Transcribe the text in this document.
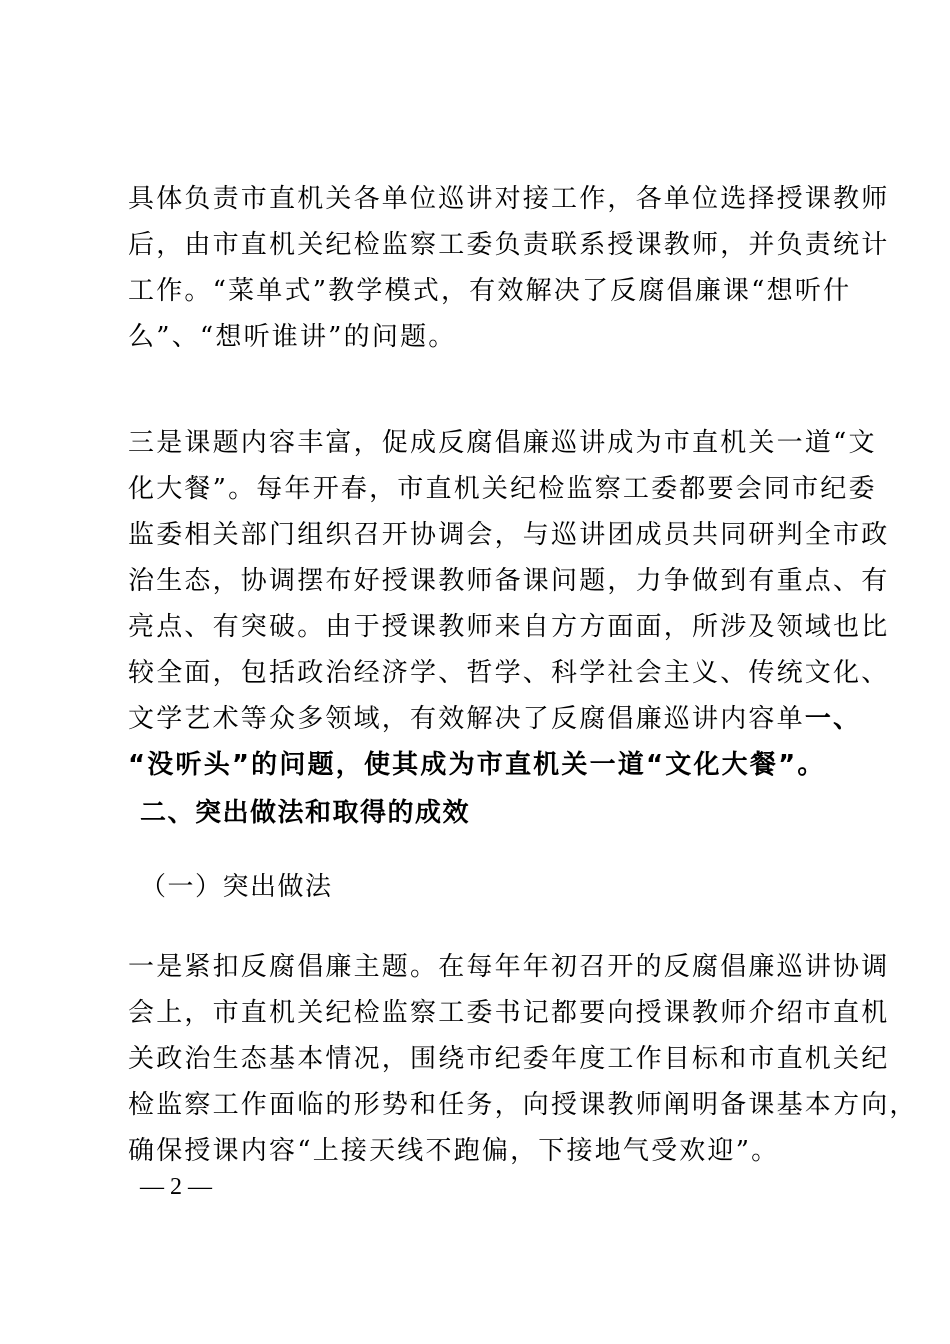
具体负责市直机关各单位巡讲对接工作，各单位选择授课教师
后，由市直机关纪检监察工委负责联系授课教师，并负责统计
工作。“菜单式”教学模式，有效解决了反腐倡廉课“想听什
么”、“想听谁讲”的问题。
三是课题内容丰富，促成反腐倡廉巡讲成为市直机关一道“文
化大餐”。每年开春，市直机关纪检监察工委都要会同市纪委
监委相关部门组织召开协调会，与巡讲团成员共同研判全市政
治生态，协调摆布好授课教师备课问题，力争做到有重点、有
亮点、有突破。由于授课教师来自方方面面，所涉及领域也比
较全面，包括政治经济学、哲学、科学社会主义、传统文化、
文学艺术等众多领域，有效解决了反腐倡廉巡讲内容单一、
“没听头”的问题，使其成为市直机关一道“文化大餐”。
二、突出做法和取得的成效
（一）突出做法
一是紧扣反腐倡廉主题。在每年年初召开的反腐倡廉巡讲协调
会上，市直机关纪检监察工委书记都要向授课教师介绍市直机
关政治生态基本情况，围绕市纪委年度工作目标和市直机关纪
检监察工作面临的形势和任务，向授课教师阐明备课基本方向，
确保授课内容“上接天线不跑偏，下接地气受欢迎”。
— 2 —
